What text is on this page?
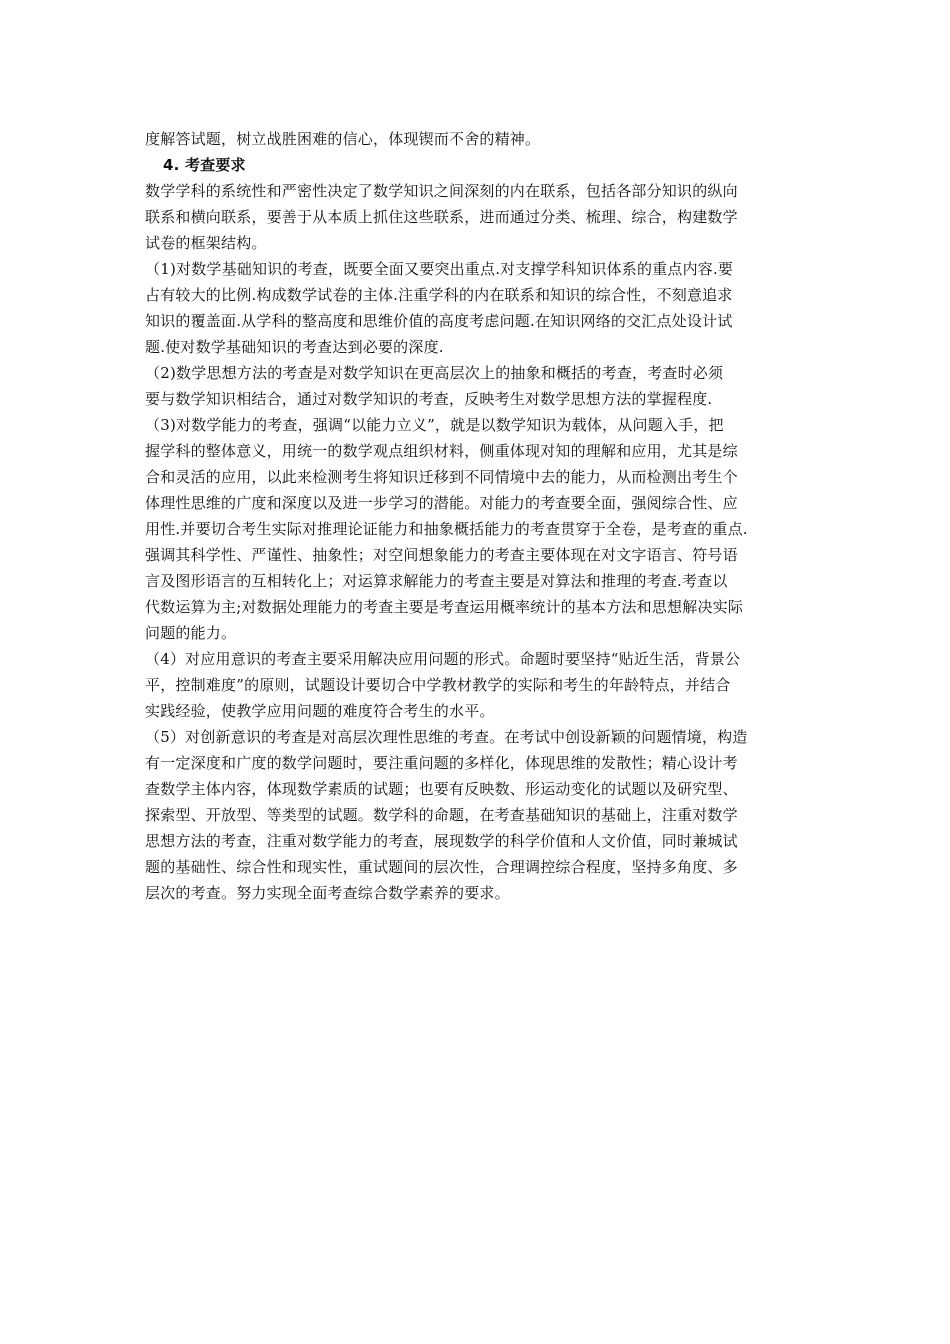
度解答试题，树立战胜困难的信心，体现锲而不舍的精神。
4. 考查要求
数学学科的系统性和严密性决定了数学知识之间深刻的内在联系，包括各部分知识的纵向
联系和横向联系，要善于从本质上抓住这些联系，进而通过分类、梳理、综合，构建数学
试卷的框架结构。
（1)对数学基础知识的考查，既要全面又要突出重点.对支撑学科知识体系的重点内容.要
占有较大的比例.构成数学试卷的主体.注重学科的内在联系和知识的综合性，不刻意追求
知识的覆盖面.从学科的整高度和思维价值的高度考虑问题.在知识网络的交汇点处设计试
题.使对数学基础知识的考查达到必要的深度.
（2)数学思想方法的考查是对数学知识在更高层次上的抽象和概括的考查，考查时必须
要与数学知识相结合，通过对数学知识的考查，反映考生对数学思想方法的掌握程度.
（3)对数学能力的考查，强调“以能力立义”，就是以数学知识为载体，从问题入手，把
握学科的整体意义，用统一的数学观点组织材料，侧重体现对知的理解和应用，尤其是综
合和灵活的应用，以此来检测考生将知识迁移到不同情境中去的能力，从而检测出考生个
体理性思维的广度和深度以及进一步学习的潜能。对能力的考查要全面，强阅综合性、应
用性.并要切合考生实际对推理论证能力和抽象概括能力的考查贯穿于全卷，是考查的重点.
强调其科学性、严谨性、抽象性；对空间想象能力的考查主要体现在对文字语言、符号语
言及图形语言的互相转化上；对运算求解能力的考查主要是对算法和推理的考查.考查以
代数运算为主;对数据处理能力的考查主要是考查运用概率统计的基本方法和思想解决实际
问题的能力。
（4）对应用意识的考查主要采用解决应用问题的形式。命题时要坚持“贴近生活，背景公
平，控制难度”的原则，试题设计要切合中学教材教学的实际和考生的年龄特点，并结合
实践经验，使教学应用问题的难度符合考生的水平。
（5）对创新意识的考查是对高层次理性思维的考查。在考试中创设新颖的问题情境，构造
有一定深度和广度的数学问题时，要注重问题的多样化，体现思维的发散性；精心设计考
查数学主体内容，体现数学素质的试题；也要有反映数、形运动变化的试题以及研究型、
探索型、开放型、等类型的试题。数学科的命题，在考查基础知识的基础上，注重对数学
思想方法的考查，注重对数学能力的考查，展现数学的科学价值和人文价值，同时兼城试
题的基础性、综合性和现实性，重试题间的层次性，合理调控综合程度，坚持多角度、多
层次的考查。努力实现全面考查综合数学素养的要求。
